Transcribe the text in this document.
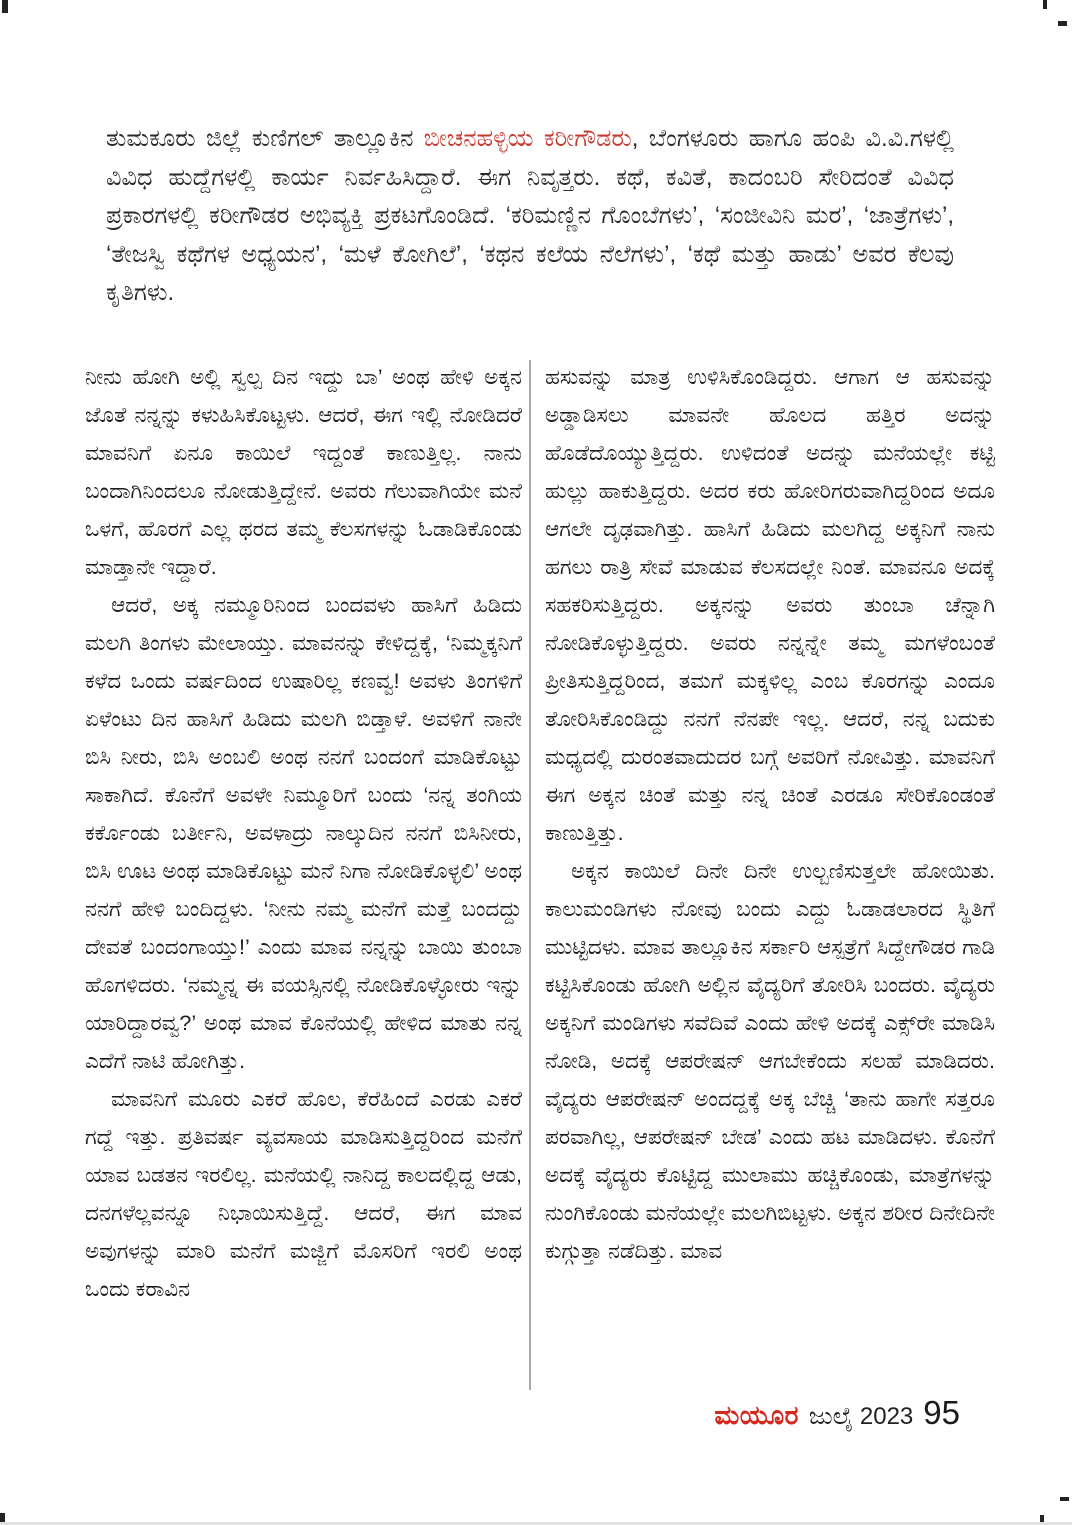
ತುಮಕೂರು ಜಿಲ್ಲೆ ಕುಣಿಗಲ್ ತಾಲ್ಲೂಕಿನ ಬೀಚನಹಳ್ಳಿಯ ಕರೀಗೌಡರು, ಬೆಂಗಳೂರು ಹಾಗೂ ಹಂಪಿ ವಿ.ವಿ.ಗಳಲ್ಲಿ ವಿವಿಧ ಹುದ್ದೆಗಳಲ್ಲಿ ಕಾರ್ಯ ನಿರ್ವಹಿಸಿದ್ದಾರೆ. ಈಗ ನಿವೃತ್ತರು. ಕಥೆ, ಕವಿತೆ, ಕಾದಂಬರಿ ಸೇರಿದಂತೆ ವಿವಿಧ ಪ್ರಕಾರಗಳಲ್ಲಿ ಕರೀಗೌಡರ ಅಭಿವ್ಯಕ್ತಿ ಪ್ರಕಟಗೊಂಡಿದೆ. ‘ಕರಿಮಣ್ಣಿನ ಗೊಂಬೆಗಳು’, ‘ಸಂಜೀವಿನಿ ಮರ’, ‘ಜಾತ್ರೆಗಳು’, ‘ತೇಜಸ್ವಿ ಕಥೆಗಳ ಅಧ್ಯಯನ’, ‘ಮಳೆ ಕೋಗಿಲೆ’, ‘ಕಥನ ಕಲೆಯ ನೆಲೆಗಳು’, ‘ಕಥೆ ಮತ್ತು ಹಾಡು’ ಅವರ ಕೆಲವು ಕೃತಿಗಳು.

ನೀನು ಹೋಗಿ ಅಲ್ಲಿ ಸ್ವಲ್ಪ ದಿನ ಇದ್ದು ಬಾ’ ಅಂಥ ಹೇಳಿ ಅಕ್ಕನ ಜೊತೆ ನನ್ನನ್ನು ಕಳುಹಿಸಿಕೊಟ್ಟಳು. ಆದರೆ, ಈಗ ಇಲ್ಲಿ ನೋಡಿದರೆ ಮಾವನಿಗೆ ಏನೂ ಕಾಯಿಲೆ ಇದ್ದಂತೆ ಕಾಣುತ್ತಿಲ್ಲ. ನಾನು ಬಂದಾಗಿನಿಂದಲೂ ನೋಡುತ್ತಿದ್ದೇನೆ. ಅವರು ಗೆಲುವಾಗಿಯೇ ಮನೆ ಒಳಗೆ, ಹೊರಗೆ ಎಲ್ಲ ಥರದ ತಮ್ಮ ಕೆಲಸಗಳನ್ನು ಓಡಾಡಿಕೊಂಡು ಮಾಡ್ತಾನೇ ಇದ್ದಾರೆ.

ಆದರೆ, ಅಕ್ಕ ನಮ್ಮೂರಿನಿಂದ ಬಂದವಳು ಹಾಸಿಗೆ ಹಿಡಿದು ಮಲಗಿ ತಿಂಗಳು ಮೇಲಾಯ್ತು. ಮಾವನನ್ನು ಕೇಳಿದ್ದಕ್ಕೆ, ‘ನಿಮ್ಮಕ್ಕನಿಗೆ ಕಳೆದ ಒಂದು ವರ್ಷದಿಂದ ಉಷಾರಿಲ್ಲ ಕಣವ್ವ! ಅವಳು ತಿಂಗಳಿಗೆ ಏಳೆಂಟು ದಿನ ಹಾಸಿಗೆ ಹಿಡಿದು ಮಲಗಿ ಬಿಡ್ತಾಳೆ. ಅವಳಿಗೆ ನಾನೇ ಬಿಸಿ ನೀರು, ಬಿಸಿ ಅಂಬಲಿ ಅಂಥ ನನಗೆ ಬಂದಂಗೆ ಮಾಡಿಕೊಟ್ಟು ಸಾಕಾಗಿದೆ. ಕೊನೆಗೆ ಅವಳೇ ನಿಮ್ಮೂರಿಗೆ ಬಂದು ‘ನನ್ನ ತಂಗಿಯ ಕರ್ಕೊಂಡು ಬರ್ತೀನಿ, ಅವಳಾದ್ರು ನಾಲ್ಕುದಿನ ನನಗೆ ಬಿಸಿನೀರು, ಬಿಸಿ ಊಟ ಅಂಥ ಮಾಡಿಕೊಟ್ಟು ಮನೆ ನಿಗಾ ನೋಡಿಕೊಳ್ಳಲಿ’ ಅಂಥ ನನಗೆ ಹೇಳಿ ಬಂದಿದ್ದಳು. ‘ನೀನು ನಮ್ಮ ಮನೆಗೆ ಮತ್ತೆ ಬಂದದ್ದು ದೇವತೆ ಬಂದಂಗಾಯ್ತು!’ ಎಂದು ಮಾವ ನನ್ನನ್ನು ಬಾಯಿ ತುಂಬಾ ಹೊಗಳಿದರು. ‘ನಮ್ಮನ್ನ ಈ ವಯಸ್ಸಿನಲ್ಲಿ ನೋಡಿಕೊಳ್ಳೋರು ಇನ್ನು ಯಾರಿದ್ದಾರವ್ವ?’ ಅಂಥ ಮಾವ ಕೊನೆಯಲ್ಲಿ ಹೇಳಿದ ಮಾತು ನನ್ನ ಎದೆಗೆ ನಾಟಿ ಹೋಗಿತ್ತು.

ಮಾವನಿಗೆ ಮೂರು ಎಕರೆ ಹೊಲ, ಕೆರೆಹಿಂದೆ ಎರಡು ಎಕರೆ ಗದ್ದೆ ಇತ್ತು. ಪ್ರತಿವರ್ಷ ವ್ಯವಸಾಯ ಮಾಡಿಸುತ್ತಿದ್ದರಿಂದ ಮನೆಗೆ ಯಾವ ಬಡತನ ಇರಲಿಲ್ಲ. ಮನೆಯಲ್ಲಿ ನಾನಿದ್ದ ಕಾಲದಲ್ಲಿದ್ದ ಆಡು, ದನಗಳೆಲ್ಲವನ್ನೂ ನಿಭಾಯಿಸುತ್ತಿದ್ದೆ. ಆದರೆ, ಈಗ ಮಾವ ಅವುಗಳನ್ನು ಮಾರಿ ಮನೆಗೆ ಮಜ್ಜಿಗೆ ಮೊಸರಿಗೆ ಇರಲಿ ಅಂಥ ಒಂದು ಕರಾವಿನ

ಹಸುವನ್ನು ಮಾತ್ರ ಉಳಿಸಿಕೊಂಡಿದ್ದರು. ಆಗಾಗ ಆ ಹಸುವನ್ನು ಅಡ್ಡಾಡಿಸಲು ಮಾವನೇ ಹೊಲದ ಹತ್ತಿರ ಅದನ್ನು ಹೊಡೆದೊಯ್ಯುತ್ತಿದ್ದರು. ಉಳಿದಂತೆ ಅದನ್ನು ಮನೆಯಲ್ಲೇ ಕಟ್ಟಿ ಹುಲ್ಲು ಹಾಕುತ್ತಿದ್ದರು. ಅದರ ಕರು ಹೋರಿಗರುವಾಗಿದ್ದರಿಂದ ಅದೂ ಆಗಲೇ ದೃಢವಾಗಿತ್ತು. ಹಾಸಿಗೆ ಹಿಡಿದು ಮಲಗಿದ್ದ ಅಕ್ಕನಿಗೆ ನಾನು ಹಗಲು ರಾತ್ರಿ ಸೇವೆ ಮಾಡುವ ಕೆಲಸದಲ್ಲೇ ನಿಂತೆ. ಮಾವನೂ ಅದಕ್ಕೆ ಸಹಕರಿಸುತ್ತಿದ್ದರು. ಅಕ್ಕನನ್ನು ಅವರು ತುಂಬಾ ಚೆನ್ನಾಗಿ ನೋಡಿಕೊಳ್ಳುತ್ತಿದ್ದರು. ಅವರು ನನ್ನನ್ನೇ ತಮ್ಮ ಮಗಳೆಂಬಂತೆ ಪ್ರೀತಿಸುತ್ತಿದ್ದರಿಂದ, ತಮಗೆ ಮಕ್ಕಳಿಲ್ಲ ಎಂಬ ಕೊರಗನ್ನು ಎಂದೂ ತೋರಿಸಿಕೊಂಡಿದ್ದು ನನಗೆ ನೆನಪೇ ಇಲ್ಲ. ಆದರೆ, ನನ್ನ ಬದುಕು ಮಧ್ಯದಲ್ಲಿ ದುರಂತವಾದುದರ ಬಗ್ಗೆ ಅವರಿಗೆ ನೋವಿತ್ತು. ಮಾವನಿಗೆ ಈಗ ಅಕ್ಕನ ಚಿಂತೆ ಮತ್ತು ನನ್ನ ಚಿಂತೆ ಎರಡೂ ಸೇರಿಕೊಂಡಂತೆ ಕಾಣುತ್ತಿತ್ತು.

ಅಕ್ಕನ ಕಾಯಿಲೆ ದಿನೇ ದಿನೇ ಉಲ್ಬಣಿಸುತ್ತಲೇ ಹೋಯಿತು. ಕಾಲುಮಂಡಿಗಳು ನೋವು ಬಂದು ಎದ್ದು ಓಡಾಡಲಾರದ ಸ್ಥಿತಿಗೆ ಮುಟ್ಟಿದಳು. ಮಾವ ತಾಲ್ಲೂಕಿನ ಸರ್ಕಾರಿ ಆಸ್ಪತ್ರೆಗೆ ಸಿದ್ದೇಗೌಡರ ಗಾಡಿ ಕಟ್ಟಿಸಿಕೊಂಡು ಹೋಗಿ ಅಲ್ಲಿನ ವೈದ್ಯರಿಗೆ ತೋರಿಸಿ ಬಂದರು. ವೈದ್ಯರು ಅಕ್ಕನಿಗೆ ಮಂಡಿಗಳು ಸವೆದಿವೆ ಎಂದು ಹೇಳಿ ಅದಕ್ಕೆ ಎಕ್ಸ್‌ರೇ ಮಾಡಿಸಿ ನೋಡಿ, ಅದಕ್ಕೆ ಆಪರೇಷನ್ ಆಗಬೇಕೆಂದು ಸಲಹೆ ಮಾಡಿದರು. ವೈದ್ಯರು ಆಪರೇಷನ್ ಅಂದದ್ದಕ್ಕೆ ಅಕ್ಕ ಬೆಚ್ಚಿ ‘ತಾನು ಹಾಗೇ ಸತ್ತರೂ ಪರವಾಗಿಲ್ಲ, ಆಪರೇಷನ್ ಬೇಡ’ ಎಂದು ಹಟ ಮಾಡಿದಳು. ಕೊನೆಗೆ ಅದಕ್ಕೆ ವೈದ್ಯರು ಕೊಟ್ಟಿದ್ದ ಮುಲಾಮು ಹಚ್ಚಿಕೊಂಡು, ಮಾತ್ರೆಗಳನ್ನು ನುಂಗಿಕೊಂಡು ಮನೆಯಲ್ಲೇ ಮಲಗಿಬಿಟ್ಟಳು. ಅಕ್ಕನ ಶರೀರ ದಿನೇದಿನೇ ಕುಗ್ಗುತ್ತಾ ನಡೆದಿತ್ತು. ಮಾವ

ಮಯೂರ ಜುಲೈ 2023 95
